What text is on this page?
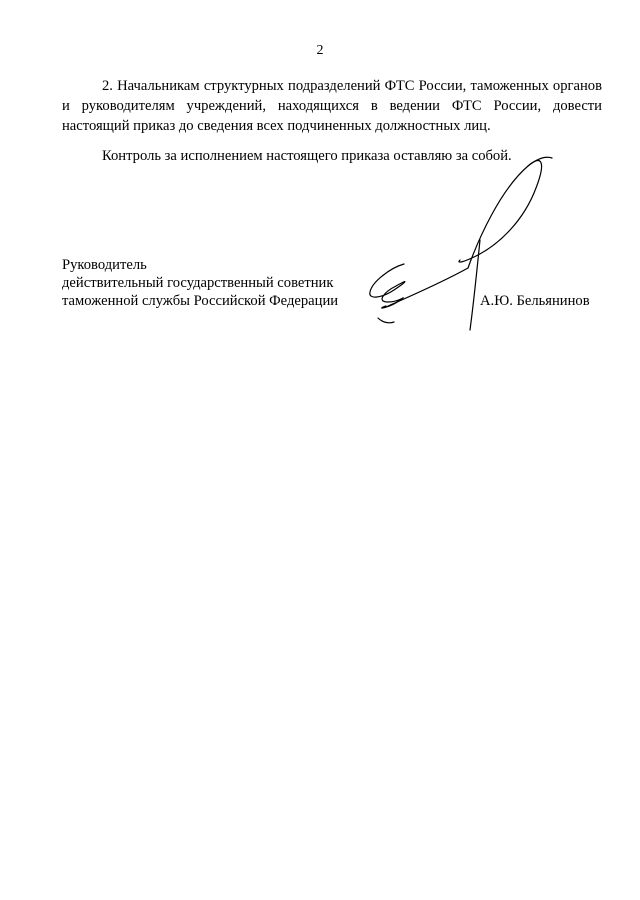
2

2. Начальникам структурных подразделений ФТС России, таможенных органов и руководителям учреждений, находящихся в ведении ФТС России, довести настоящий приказ до сведения всех подчиненных должностных лиц.

Контроль за исполнением настоящего приказа оставляю за собой.

Руководитель
действительный государственный советник
таможенной службы Российской Федерации	А.Ю. Бельянинов
